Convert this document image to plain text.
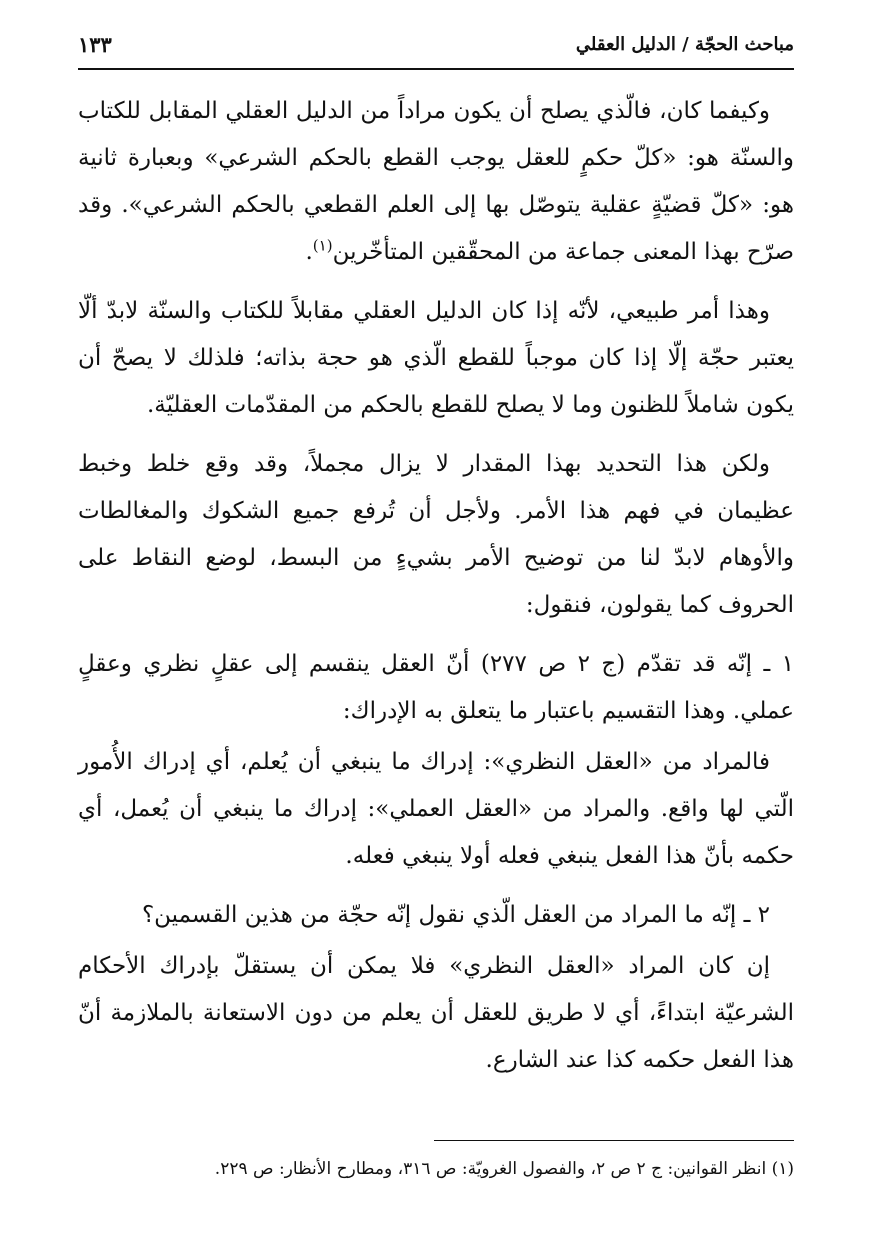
مباحث الحجّة / الدليل العقلي
١٣٣

وكيفما كان، فالّذي يصلح أن يكون مراداً من الدليل العقلي المقابل للكتاب والسنّة هو: «كلّ حكمٍ للعقل يوجب القطع بالحكم الشرعي» وبعبارة ثانية هو: «كلّ قضيّةٍ عقلية يتوصّل بها إلى العلم القطعي بالحكم الشرعي». وقد صرّح بهذا المعنى جماعة من المحقّقين المتأخّرين$^{(١)}$.

وهذا أمر طبيعي، لأنّه إذا كان الدليل العقلي مقابلاً للكتاب والسنّة لابدّ ألّا يعتبر حجّة إلّا إذا كان موجباً للقطع الّذي هو حجة بذاته؛ فلذلك لا يصحّ أن يكون شاملاً للظنون وما لا يصلح للقطع بالحكم من المقدّمات العقليّة.

ولكن هذا التحديد بهذا المقدار لا يزال مجملاً، وقد وقع خلط وخبط عظيمان في فهم هذا الأمر. ولأجل أن تُرفع جميع الشكوك والمغالطات والأوهام لابدّ لنا من توضيح الأمر بشيءٍ من البسط، لوضع النقاط على الحروف كما يقولون، فنقول:

١ ـ إنّه قد تقدّم (ج ٢ ص ٢٧٧) أنّ العقل ينقسم إلى عقلٍ نظري وعقلٍ عملي. وهذا التقسيم باعتبار ما يتعلق به الإدراك:

فالمراد من «العقل النظري»: إدراك ما ينبغي أن يُعلم، أي إدراك الأُمور الّتي لها واقع. والمراد من «العقل العملي»: إدراك ما ينبغي أن يُعمل، أي حكمه بأنّ هذا الفعل ينبغي فعله أولا ينبغي فعله.

٢ ـ إنّه ما المراد من العقل الّذي نقول إنّه حجّة من هذين القسمين؟

إن كان المراد «العقل النظري» فلا يمكن أن يستقلّ بإدراك الأحكام الشرعيّة ابتداءً، أي لا طريق للعقل أن يعلم من دون الاستعانة بالملازمة أنّ هذا الفعل حكمه كذا عند الشارع.

(١) انظر القوانين: ج ٢ ص ٢، والفصول الغرويّة: ص ٣١٦، ومطارح الأنظار: ص ٢٢٩.
